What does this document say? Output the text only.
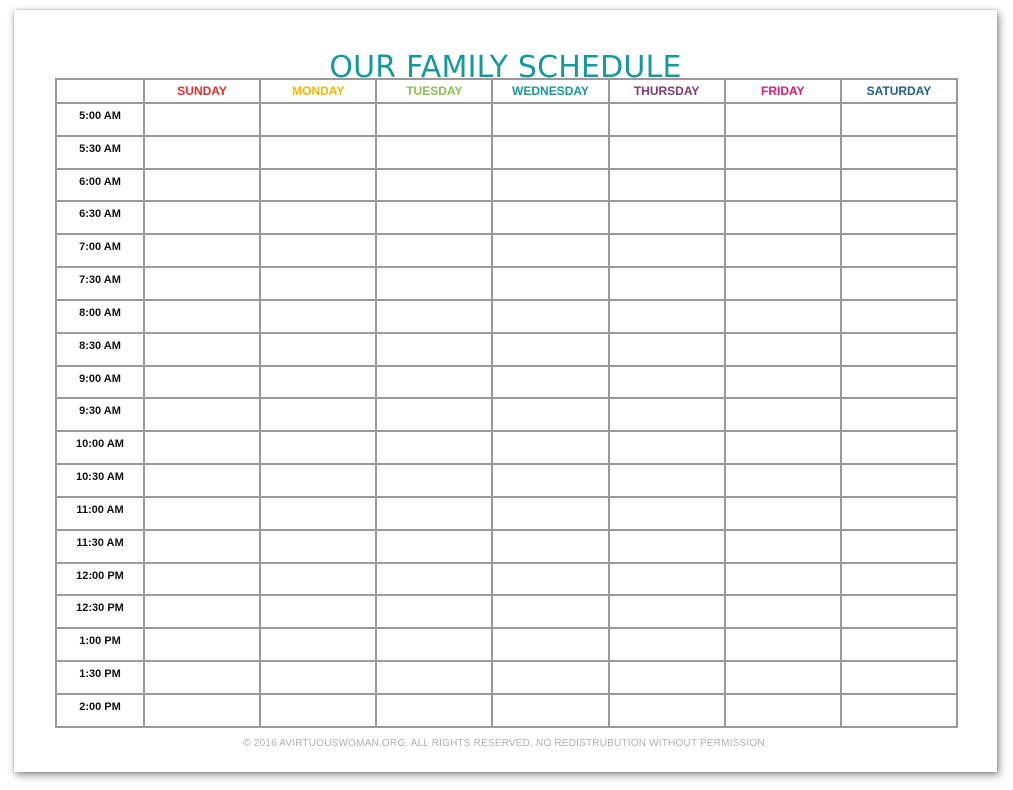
OUR FAMILY SCHEDULE
	SUNDAY	MONDAY	TUESDAY	WEDNESDAY	THURSDAY	FRIDAY	SATURDAY
5:00 AM							
5:30 AM							
6:00 AM							
6:30 AM							
7:00 AM							
7:30 AM							
8:00 AM							
8:30 AM							
9:00 AM							
9:30 AM							
10:00 AM							
10:30 AM							
11:00 AM							
11:30 AM							
12:00 PM							
12:30 PM							
1:00 PM							
1:30 PM							
2:00 PM							
© 2016 AVIRTUOUSWOMAN.ORG. ALL RIGHTS RESERVED. NO REDISTRUBUTION WITHOUT PERMISSION.
